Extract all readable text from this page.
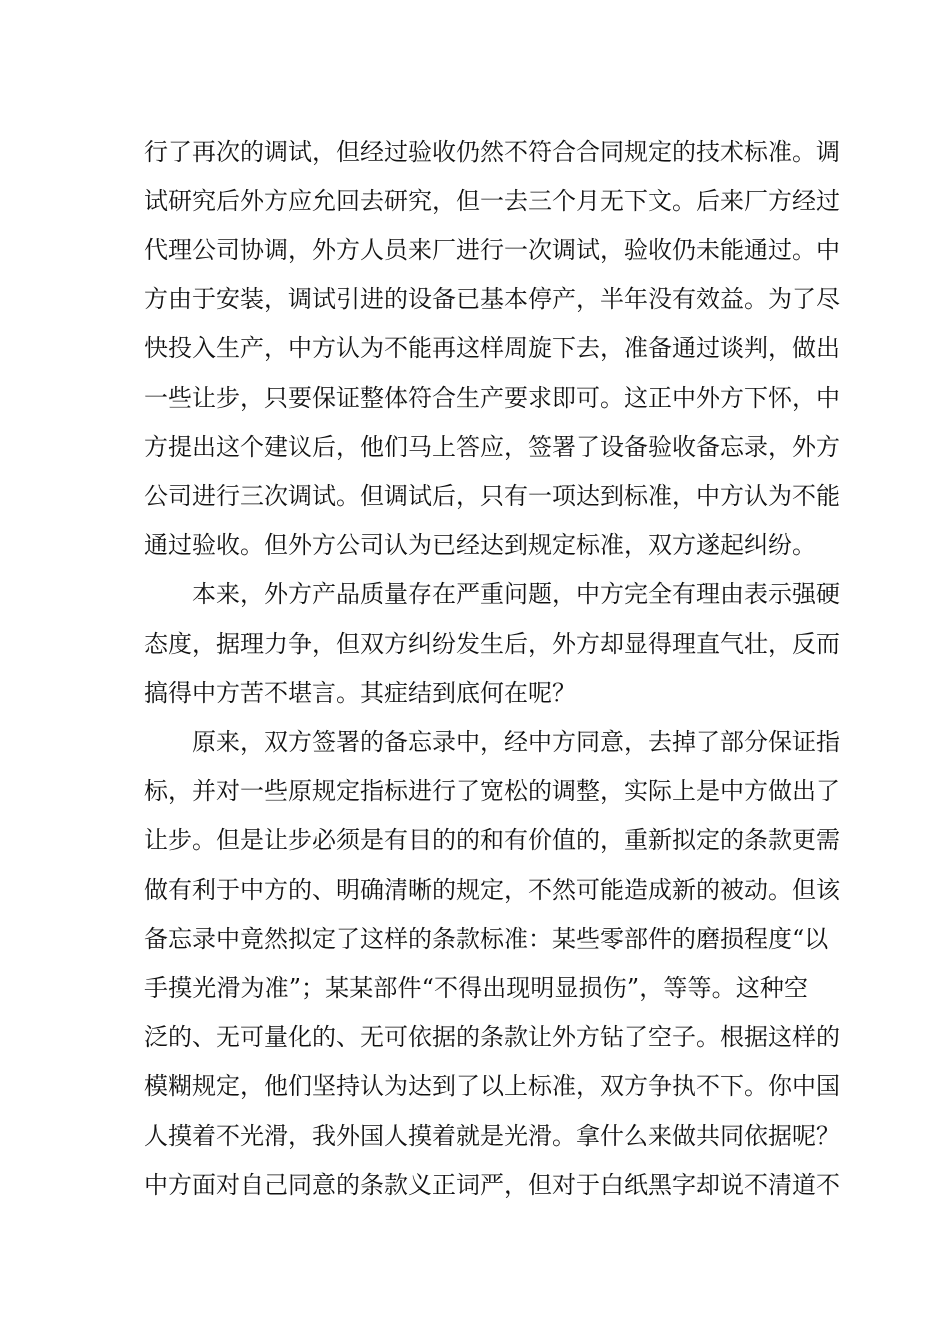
行了再次的调试，但经过验收仍然不符合合同规定的技术标准。调
试研究后外方应允回去研究，但一去三个月无下文。后来厂方经过
代理公司协调，外方人员来厂进行一次调试，验收仍未能通过。中
方由于安装，调试引进的设备已基本停产，半年没有效益。为了尽
快投入生产，中方认为不能再这样周旋下去，准备通过谈判，做出
一些让步，只要保证整体符合生产要求即可。这正中外方下怀，中
方提出这个建议后，他们马上答应，签署了设备验收备忘录，外方
公司进行三次调试。但调试后，只有一项达到标准，中方认为不能
通过验收。但外方公司认为已经达到规定标准，双方遂起纠纷。
本来，外方产品质量存在严重问题，中方完全有理由表示强硬
态度，据理力争，但双方纠纷发生后，外方却显得理直气壮，反而
搞得中方苦不堪言。其症结到底何在呢？
原来，双方签署的备忘录中，经中方同意，去掉了部分保证指
标，并对一些原规定指标进行了宽松的调整，实际上是中方做出了
让步。但是让步必须是有目的的和有价值的，重新拟定的条款更需
做有利于中方的、明确清晰的规定，不然可能造成新的被动。但该
备忘录中竟然拟定了这样的条款标准：某些零部件的磨损程度“以
手摸光滑为准”；某某部件“不得出现明显损伤”，等等。这种空
泛的、无可量化的、无可依据的条款让外方钻了空子。根据这样的
模糊规定，他们坚持认为达到了以上标准，双方争执不下。你中国
人摸着不光滑，我外国人摸着就是光滑。拿什么来做共同依据呢？
中方面对自己同意的条款义正词严，但对于白纸黑字却说不清道不
